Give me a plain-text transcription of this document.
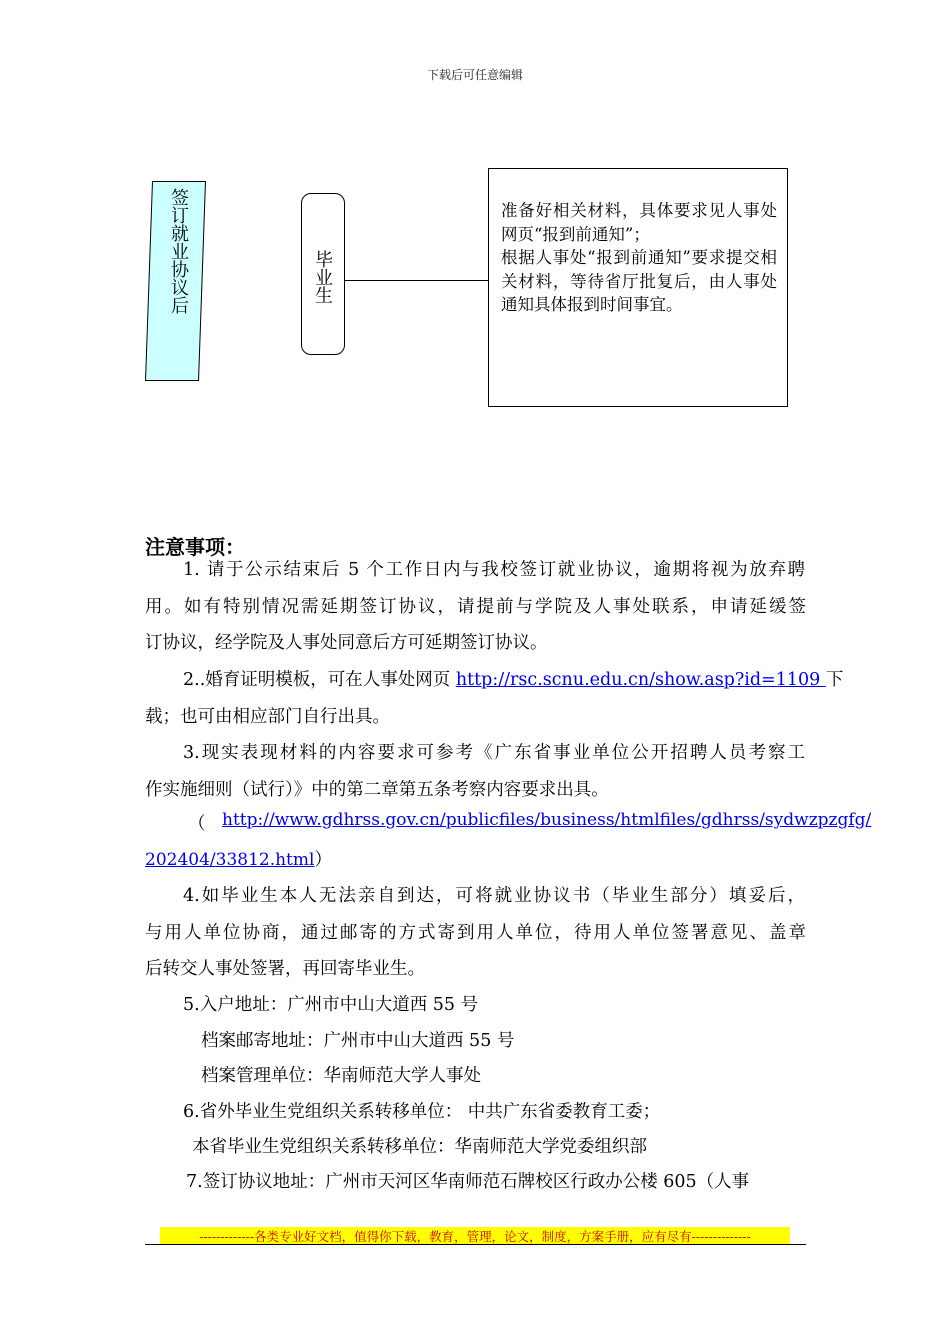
下载后可任意编辑
签订就业协议后	毕业生

准备好相关材料，具体要求见人事处网页“报到前通知”；

根据人事处“报到前通知”要求提交相关材料，等待省厅批复后，由人事处通知具体报到时间事宜。

注意事项：
1. 请于公示结束后 5 个工作日内与我校签订就业协议，逾期将视为放弃聘
用。如有特别情况需延期签订协议，请提前与学院及人事处联系，申请延缓签
订协议，经学院及人事处同意后方可延期签订协议。
2..婚育证明模板，可在人事处网页 http://rsc.scnu.edu.cn/show.asp?id=1109 下
载；也可由相应部门自行出具。
3.现实表现材料的内容要求可参考《广东省事业单位公开招聘人员考察工
作实施细则（试行）》中的第二章第五条考察内容要求出具。
（ http://www.gdhrss.gov.cn/publicfiles/business/htmlfiles/gdhrss/sydwzpzgfg/
202404/33812.html）
4.如毕业生本人无法亲自到达，可将就业协议书（毕业生部分）填妥后，
与用人单位协商，通过邮寄的方式寄到用人单位，待用人单位签署意见、盖章
后转交人事处签署，再回寄毕业生。
5.入户地址：广州市中山大道西 55 号
档案邮寄地址：广州市中山大道西 55 号
档案管理单位：华南师范大学人事处
6.省外毕业生党组织关系转移单位： 中共广东省委教育工委；
本省毕业生党组织关系转移单位：华南师范大学党委组织部
7.签订协议地址：广州市天河区华南师范石牌校区行政办公楼 605（人事
-------------各类专业好文档，值得你下载，教育，管理，论文，制度，方案手册，应有尽有--------------
